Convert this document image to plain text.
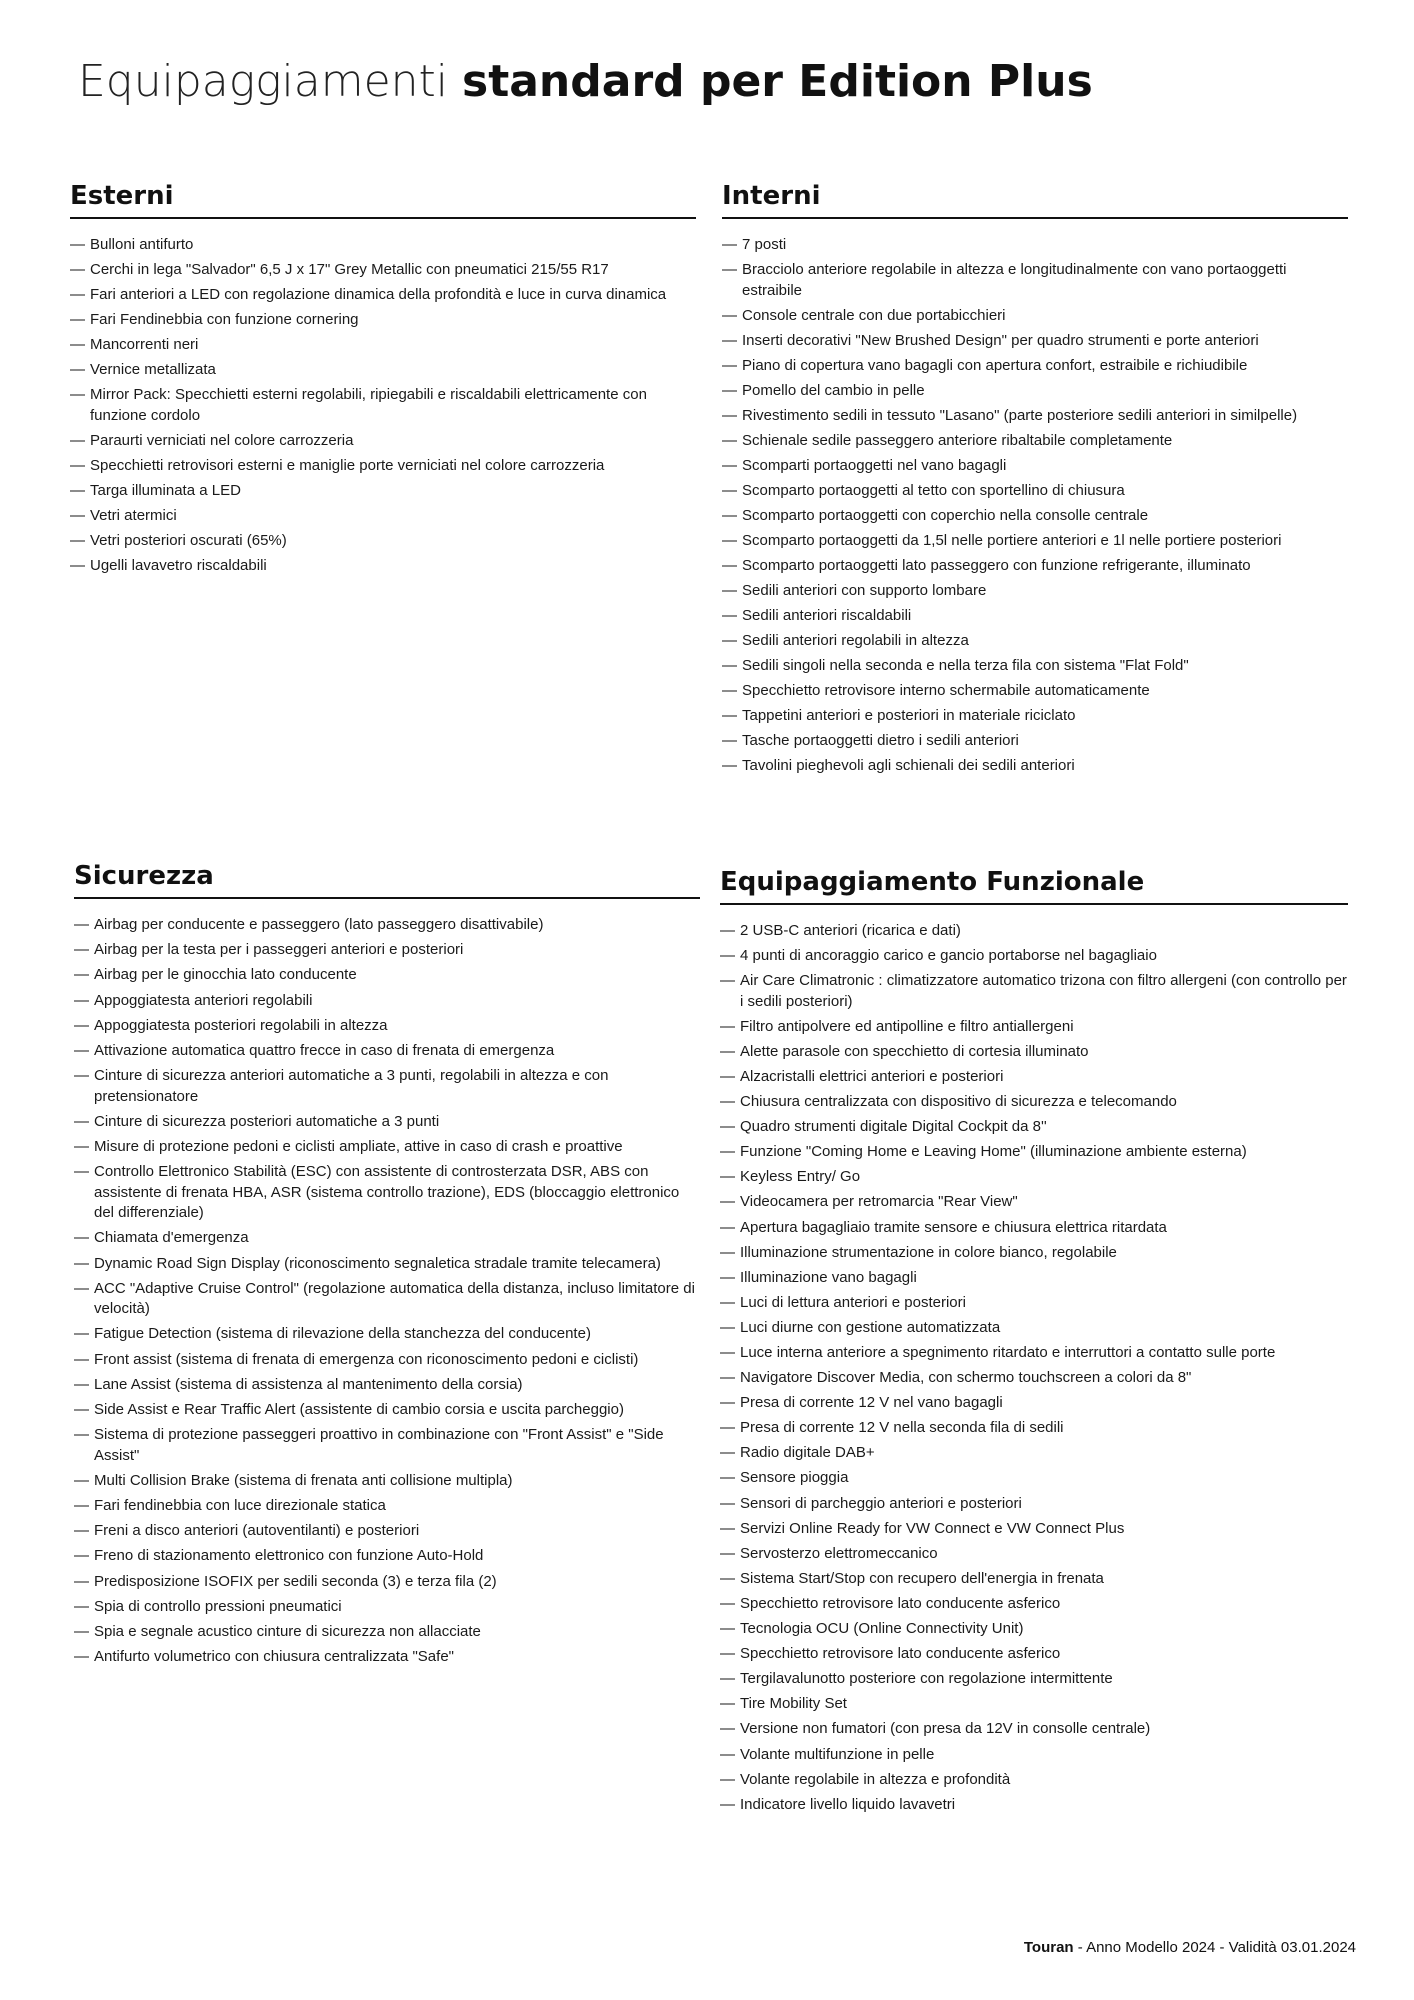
Equipaggiamenti standard per Edition Plus
Esterni
— Bulloni antifurto
— Cerchi in lega "Salvador" 6,5 J x 17" Grey Metallic con pneumatici 215/55 R17
— Fari anteriori a LED con regolazione dinamica della profondità e luce in curva dinamica
— Fari Fendinebbia con funzione cornering
— Mancorrenti neri
— Vernice metallizata
— Mirror Pack: Specchietti esterni regolabili, ripiegabili e riscaldabili elettricamente con funzione cordolo
— Paraurti verniciati nel colore carrozzeria
— Specchietti retrovisori esterni e maniglie porte verniciati nel colore carrozzeria
— Targa illuminata a LED
— Vetri atermici
— Vetri posteriori oscurati (65%)
— Ugelli lavavetro riscaldabili
Interni
— 7 posti
— Bracciolo anteriore regolabile in altezza e longitudinalmente con vano portaoggetti estraibile
— Console centrale con due portabicchieri
— Inserti decorativi "New Brushed Design" per quadro strumenti e porte anteriori
— Piano di copertura vano bagagli con apertura confort, estraibile e richiudibile
— Pomello del cambio in pelle
— Rivestimento sedili in tessuto "Lasano" (parte posteriore sedili anteriori in similpelle)
— Schienale sedile passeggero anteriore ribaltabile completamente
— Scomparti portaoggetti nel vano bagagli
— Scomparto portaoggetti al tetto con sportellino di chiusura
— Scomparto portaoggetti con coperchio nella consolle centrale
— Scomparto portaoggetti da 1,5l nelle portiere anteriori e 1l nelle portiere posteriori
— Scomparto portaoggetti lato passeggero con funzione refrigerante, illuminato
— Sedili anteriori con supporto lombare
— Sedili anteriori riscaldabili
— Sedili anteriori regolabili in altezza
— Sedili singoli nella seconda e nella terza fila con sistema "Flat Fold"
— Specchietto retrovisore interno schermabile automaticamente
— Tappetini anteriori e posteriori in materiale riciclato
— Tasche portaoggetti dietro i sedili anteriori
— Tavolini pieghevoli agli schienali dei sedili anteriori
Sicurezza
— Airbag per conducente e passeggero (lato passeggero disattivabile)
— Airbag per la testa per i passeggeri anteriori e posteriori
— Airbag per le ginocchia lato conducente
— Appoggiatesta anteriori regolabili
— Appoggiatesta posteriori regolabili in altezza
— Attivazione automatica quattro frecce in caso di frenata di emergenza
— Cinture di sicurezza anteriori automatiche a 3 punti, regolabili in altezza e con pretensionatore
— Cinture di sicurezza posteriori automatiche a 3 punti
— Misure di protezione pedoni e ciclisti ampliate, attive in caso di crash e proattive
— Controllo Elettronico Stabilità (ESC) con assistente di controsterzata DSR, ABS con assistente di frenata HBA, ASR (sistema controllo trazione), EDS (bloccaggio elettronico del differenziale)
— Chiamata d'emergenza
— Dynamic Road Sign Display (riconoscimento segnaletica stradale tramite telecamera)
— ACC "Adaptive Cruise Control" (regolazione automatica della distanza, incluso limitatore di velocità)
— Fatigue Detection (sistema di rilevazione della stanchezza del conducente)
— Front assist (sistema di frenata di emergenza con riconoscimento pedoni e ciclisti)
— Lane Assist (sistema di assistenza al mantenimento della corsia)
— Side Assist e Rear Traffic Alert (assistente di cambio corsia e uscita parcheggio)
— Sistema di protezione passeggeri proattivo in combinazione con "Front Assist" e "Side Assist"
— Multi Collision Brake (sistema di frenata anti collisione multipla)
— Fari fendinebbia con luce direzionale statica
— Freni a disco anteriori (autoventilanti) e posteriori
— Freno di stazionamento elettronico con funzione Auto-Hold
— Predisposizione ISOFIX per sedili seconda (3) e terza fila (2)
— Spia di controllo pressioni pneumatici
— Spia e segnale acustico cinture di sicurezza non allacciate
— Antifurto volumetrico con chiusura centralizzata "Safe"
Equipaggiamento Funzionale
— 2 USB-C anteriori (ricarica e dati)
— 4 punti di ancoraggio carico e gancio portaborse nel bagagliaio
— Air Care Climatronic : climatizzatore automatico trizona con filtro allergeni (con controllo per i sedili posteriori)
— Filtro antipolvere ed antipolline e filtro antiallergeni
— Alette parasole con specchietto di cortesia illuminato
— Alzacristalli elettrici anteriori e posteriori
— Chiusura centralizzata con dispositivo di sicurezza e telecomando
— Quadro strumenti digitale Digital Cockpit da 8''
— Funzione "Coming Home e Leaving Home" (illuminazione ambiente esterna)
— Keyless Entry/ Go
— Videocamera per retromarcia "Rear View"
— Apertura bagagliaio tramite sensore e chiusura elettrica ritardata
— Illuminazione strumentazione in colore bianco, regolabile
— Illuminazione vano bagagli
— Luci di lettura anteriori e posteriori
— Luci diurne con gestione automatizzata
— Luce interna anteriore a spegnimento ritardato e interruttori a contatto sulle porte
— Navigatore Discover Media, con schermo touchscreen a colori da 8"
— Presa di corrente 12 V nel vano bagagli
— Presa di corrente 12 V nella seconda fila di sedili
— Radio digitale DAB+
— Sensore pioggia
— Sensori di parcheggio anteriori e posteriori
— Servizi Online Ready for VW Connect e VW Connect Plus
— Servosterzo elettromeccanico
— Sistema Start/Stop con recupero dell'energia in frenata
— Specchietto retrovisore lato conducente asferico
— Tecnologia OCU (Online Connectivity Unit)
— Specchietto retrovisore lato conducente asferico
— Tergilavalunotto posteriore con regolazione intermittente
— Tire Mobility Set
— Versione non fumatori (con presa da 12V in consolle centrale)
— Volante multifunzione in pelle
— Volante regolabile in altezza e profondità
— Indicatore livello liquido lavavetri
Touran - Anno Modello 2024 - Validità 03.01.2024
